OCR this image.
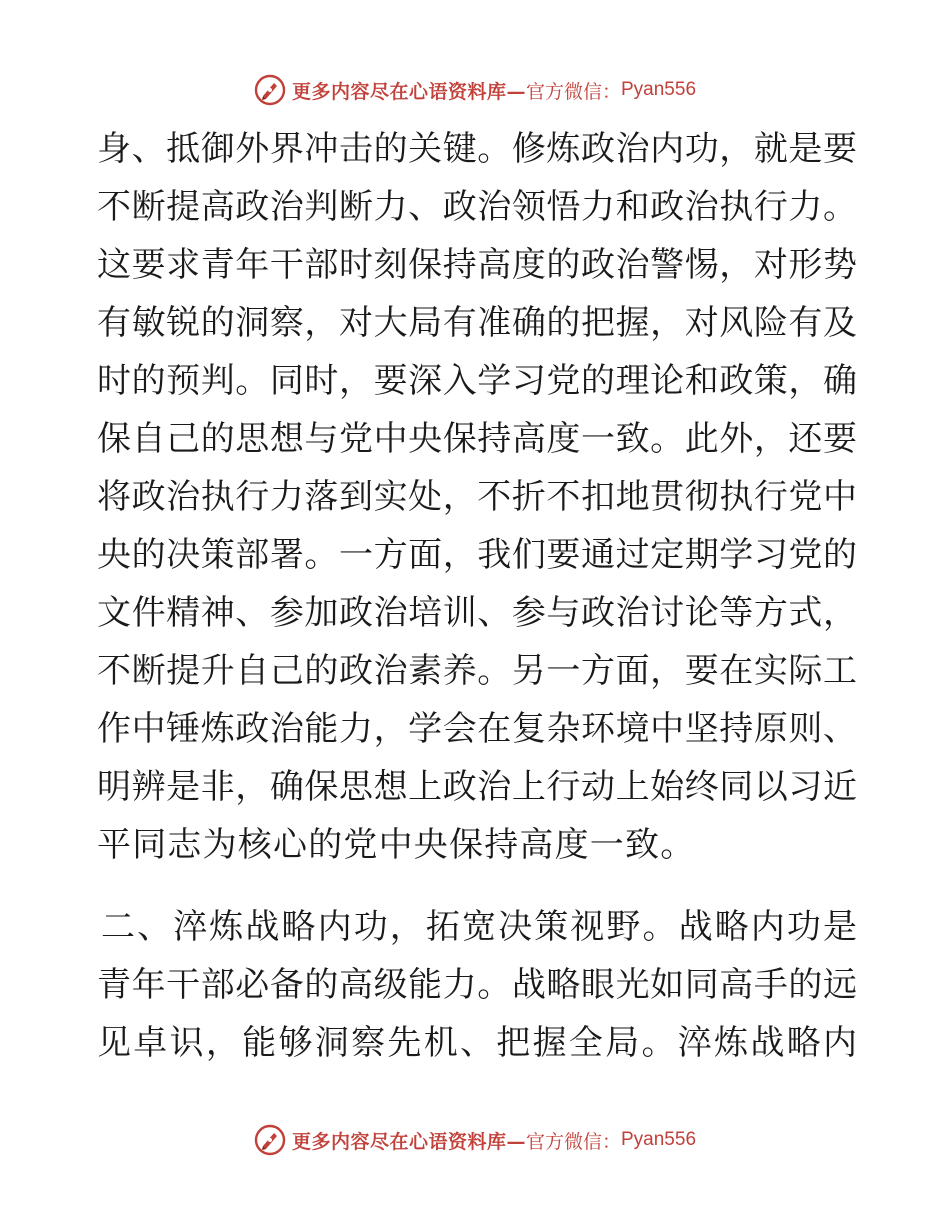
更多内容尽在心语资料库— 官方微信： Pyan556
身、抵御外界冲击的关键。修炼政治内功，就是要
不断提高政治判断力、政治领悟力和政治执行力。
这要求青年干部时刻保持高度的政治警惕，对形势
有敏锐的洞察，对大局有准确的把握，对风险有及
时的预判。同时，要深入学习党的理论和政策，确
保自己的思想与党中央保持高度一致。此外，还要
将政治执行力落到实处，不折不扣地贯彻执行党中
央的决策部署。一方面，我们要通过定期学习党的
文件精神、参加政治培训、参与政治讨论等方式，
不断提升自己的政治素养。另一方面，要在实际工
作中锤炼政治能力，学会在复杂环境中坚持原则、
明辨是非，确保思想上政治上行动上始终同以习近
平同志为核心的党中央保持高度一致。
二、淬炼战略内功，拓宽决策视野。战略内功是
青年干部必备的高级能力。战略眼光如同高手的远
见卓识，能够洞察先机、把握全局。淬炼战略内
更多内容尽在心语资料库— 官方微信： Pyan556
